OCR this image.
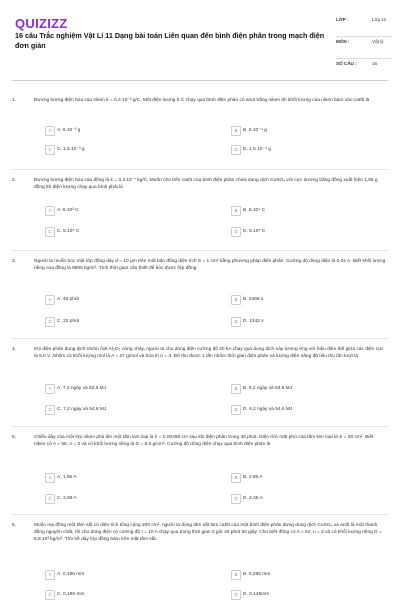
QUIZIZZ
16 câu Trắc nghiệm Vật Lí 11 Dạng bài toán Liên quan đến bình điện phân trong mạch điện đơn giản
LỚP :	Lớp 11
MÔN :	Vật lý
SỐ CÂU :	16
1.	Đương lượng điện hóa của niken k = 0,3.10⁻³ g/C. Một điện lượng 5 C chạy qua bình điện phân có anot bằng niken thì khối lượng của niken bám vào catốt là
A	A. 6.10⁻³ g	B	B. 6.10⁻⁴ g
C	C. 1,5.10⁻³ g	D	D. 1,5.10⁻⁴ g
2.	Đương lượng điện hóa của đồng là k = 3,3.10⁻⁷ kg/C. Muốn cho trên catôt của bình điện phân chứa dung dịch CuSO₄ với cực dương bằng đồng xuất hiện 1,65 g đồng thì điện lượng chạy qua bình phải là
A	A. 5.10³ C	B	B. 5.10⁴ C
C	C. 5.10⁵ C	D	D. 5.10⁶ C
3.	Người ta muốn bóc một lớp đồng dày d = 10 μm trên một bản đồng diện tích S = 1 cm² bằng phương pháp điện phân. Cường độ dòng điện là 0,02 A. Biết khối lượng riêng của đồng là 8900 kg/m³. Tính thời gian cần thiết để bóc được lớp đồng
A	A. 45 phút	B	B. 2468 s
C	C. 22 phút	D	D. 1342 s
4.	Khi điện phân dung dịch nhôm ôxit Al₂O₃ nóng chảy, người ta cho dòng điện cường độ 20 kA chạy qua dung dịch này tương ứng với hiệu điện thế giữa các điện cực là 5,0 V. Nhôm có khối lượng mol là A = 27 g/mol và hóa trị n = 3. Để thu được 1 tấn nhôm thời gian điện phân và lượng điện năng đã tiêu thụ lần lượt là
A	A. 7,2 ngày và 53,6 MJ	B	B. 6,2 ngày và 53,6 MJ
C	C. 7,2 ngày và 54,6 MJ	D	D. 6,2 ngày và 54,6 MJ
5.	Chiều dày của một lớp niken phủ lên một tấm kim loại là h = 0,00496 cm sau khi điện phân trong 30 phút. Diện tích mặt phủ của tấm kim loại là S = 30 cm². Biết niken có A = 58, n = 2 và có khối lượng riêng là D = 8,9 g/cm³. Cường độ dòng điện chạy qua bình điện phân là
A	A. 1,96 A	B	B. 2,85 A
C	C. 2,68 A	D	D. 2,45 A
6.	Muốn mạ đồng một tấm sắt có diện tích tổng cộng 200 cm², người ta dùng tấm sắt làm catốt của một bình điện phân đựng dung dịch CuSO₄ và anốt là một thanh đồng nguyên chất, rồi cho dòng điện có cường độ I = 10 A chạy qua trong thời gian 2 giờ 40 phút 50 giây. Cho biết đồng có A = 64; n = 2 và có khối lượng riêng D = 8,9.10³ kg/m³. Tìm bề dày lớp đồng bám trên mặt tấm sắt.
A	A. 0,196 mm	B	B. 0,285 mm
C	C. 0,180 mm	D	D. 0,145mm
